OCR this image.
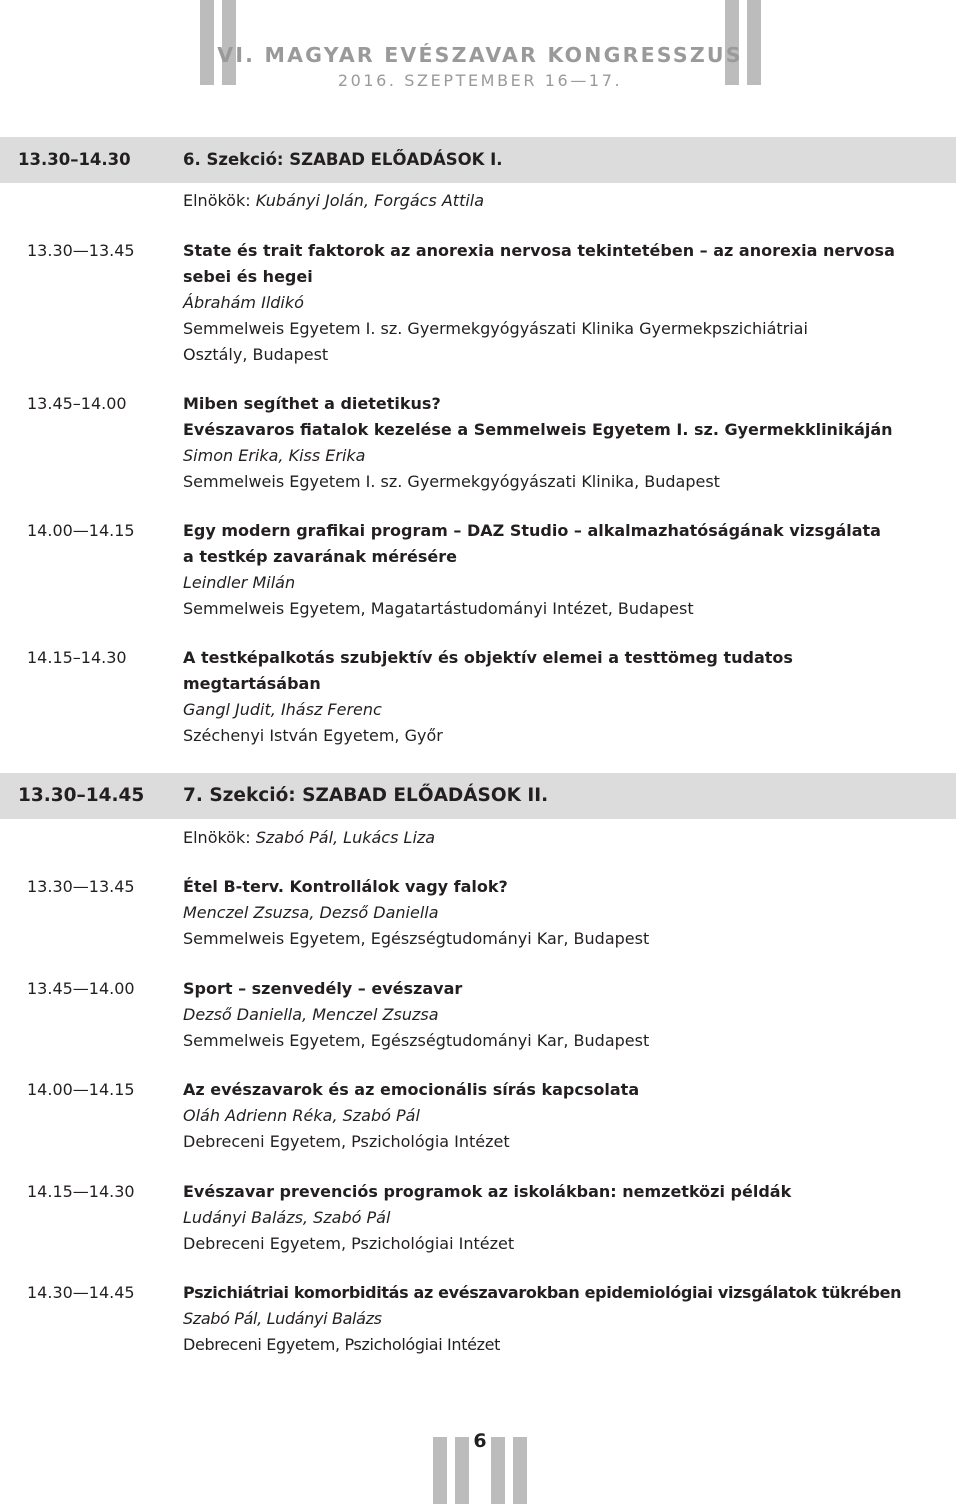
VI. MAGYAR EVÉSZAVAR KONGRESSZUS
2016. SZEPTEMBER 16—17.
13.30–14.30	6. Szekció: SZABAD ELŐADÁSOK I.
Elnökök: Kubányi Jolán, Forgács Attila
13.30—13.45	State és trait faktorok az anorexia nervosa tekintetében – az anorexia nervosa
sebei és hegei
Ábrahám Ildikó
Semmelweis Egyetem I. sz. Gyermekgyógyászati Klinika Gyermekpszichiátriai
Osztály, Budapest
13.45–14.00	Miben segíthet a dietetikus?
Evészavaros fiatalok kezelése a Semmelweis Egyetem I. sz. Gyermekklinikáján
Simon Erika, Kiss Erika
Semmelweis Egyetem I. sz. Gyermekgyógyászati Klinika, Budapest
14.00—14.15	Egy modern grafikai program – DAZ Studio – alkalmazhatóságának vizsgálata
a testkép zavarának mérésére
Leindler Milán
Semmelweis Egyetem, Magatartástudományi Intézet, Budapest
14.15–14.30	A testképalkotás szubjektív és objektív elemei a testtömeg tudatos
megtartásában
Gangl Judit, Ihász Ferenc
Széchenyi István Egyetem, Győr
13.30–14.45 7. Szekció: SZABAD ELŐADÁSOK II.
Elnökök: Szabó Pál, Lukács Liza
13.30—13.45	Étel B-terv. Kontrollálok vagy falok?
Menczel Zsuzsa, Dezső Daniella
Semmelweis Egyetem, Egészségtudományi Kar, Budapest
13.45—14.00	Sport – szenvedély – evészavar
Dezső Daniella, Menczel Zsuzsa
Semmelweis Egyetem, Egészségtudományi Kar, Budapest
14.00—14.15	Az evészavarok és az emocionális sírás kapcsolata
Oláh Adrienn Réka, Szabó Pál
Debreceni Egyetem, Pszichológia Intézet
14.15—14.30	Evészavar prevenciós programok az iskolákban: nemzetközi példák
Ludányi Balázs, Szabó Pál
Debreceni Egyetem, Pszichológiai Intézet
14.30—14.45	Pszichiátriai komorbiditás az evészavarokban epidemiológiai vizsgálatok tükrében
Szabó Pál, Ludányi Balázs
Debreceni Egyetem, Pszichológiai Intézet
6
